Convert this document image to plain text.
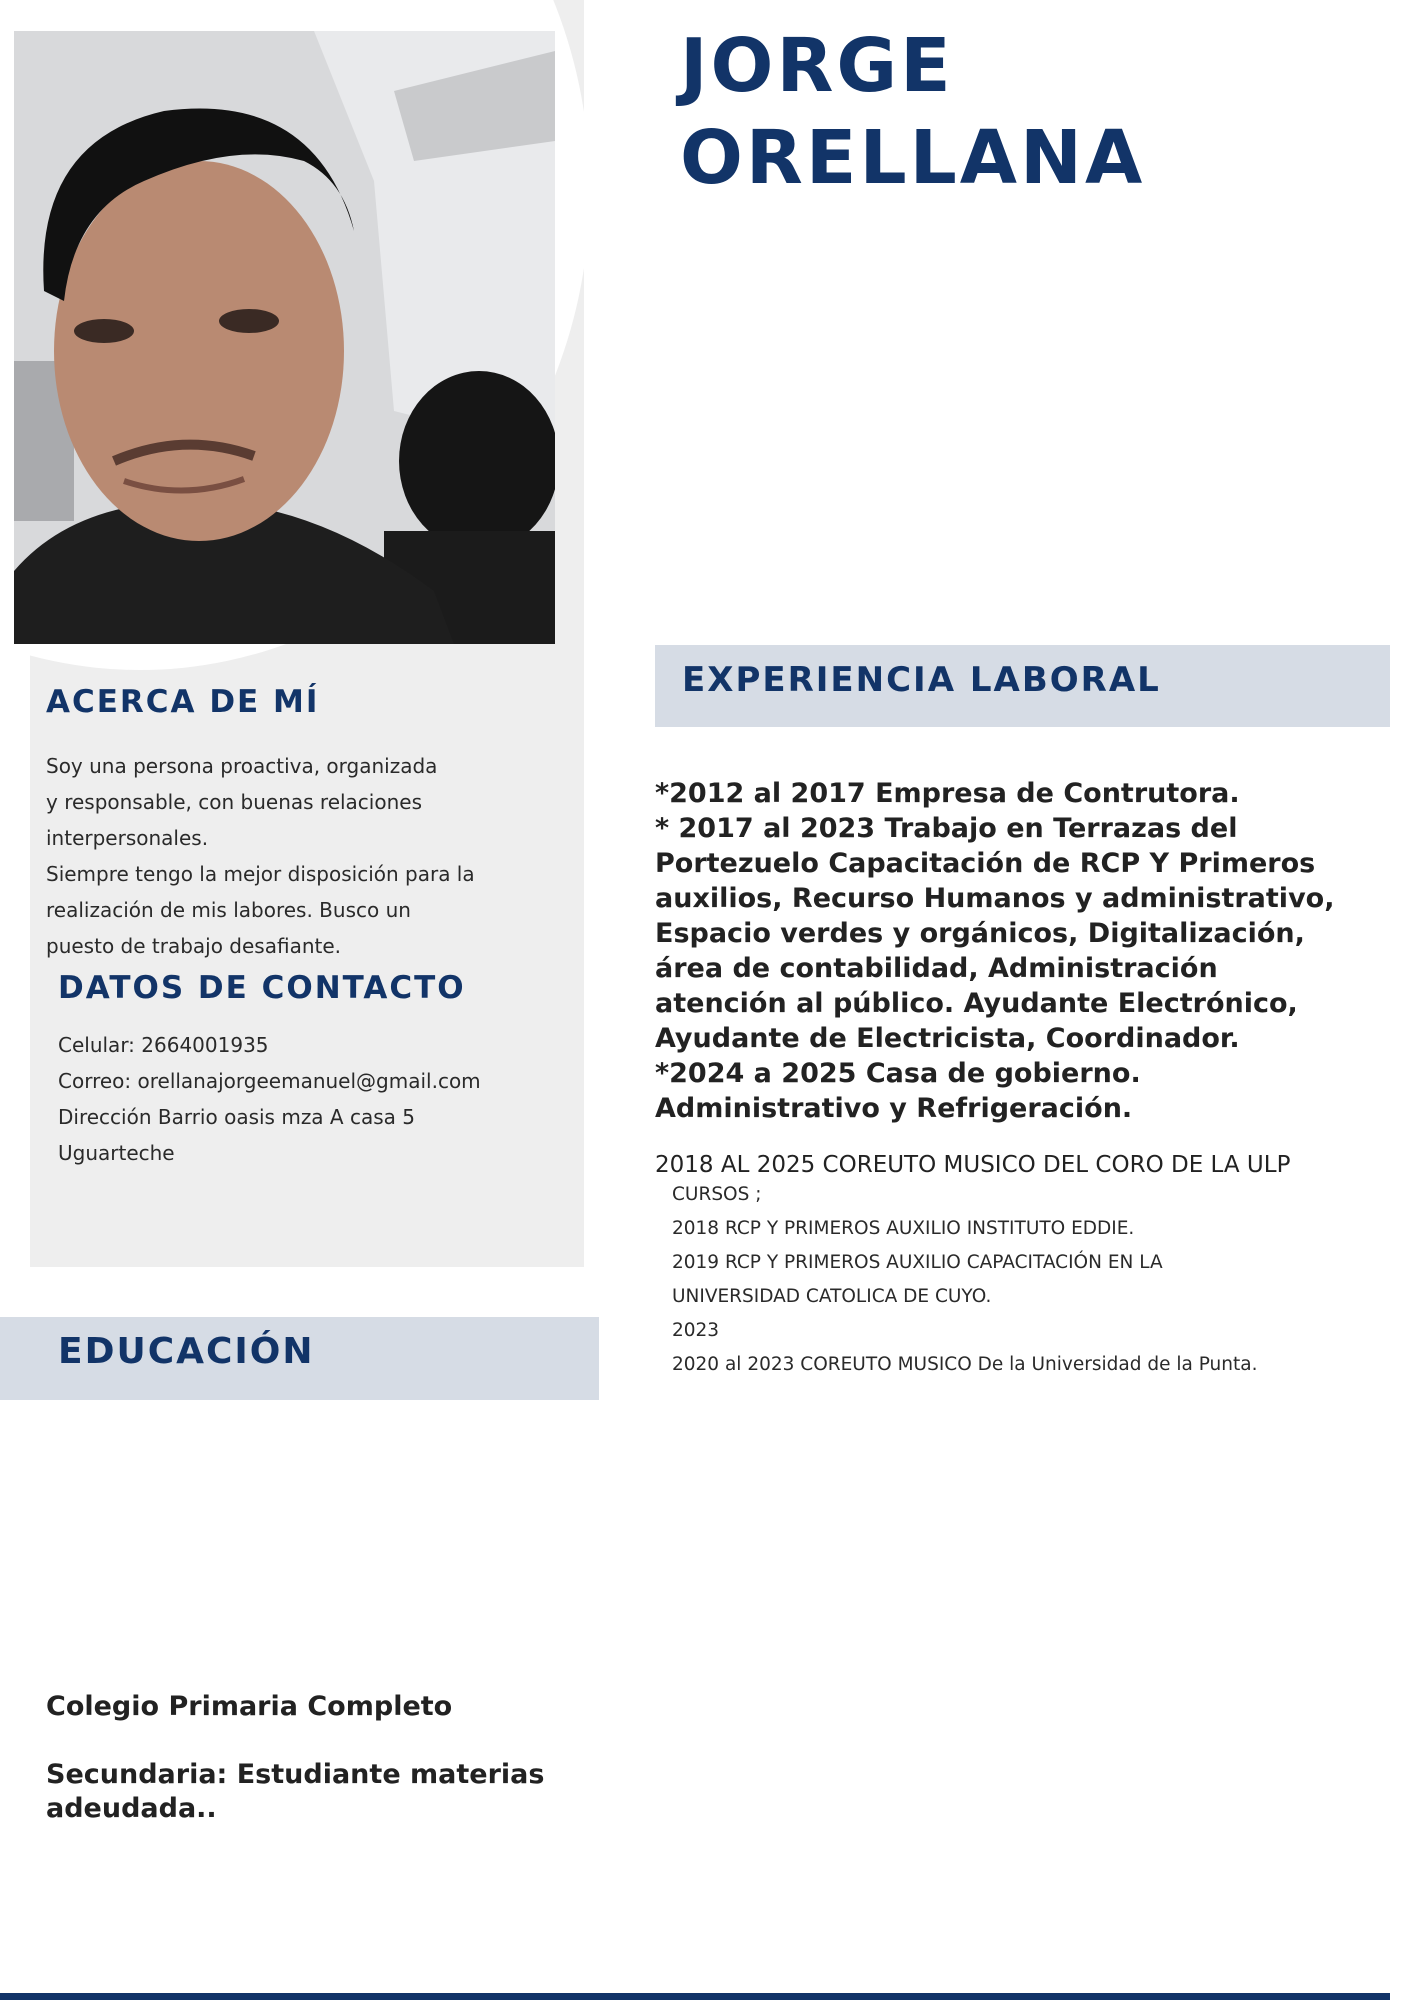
JORGE
ORELLANA
ACERCA DE MÍ

Soy una persona proactiva, organizada
y responsable, con buenas relaciones
interpersonales.
Siempre tengo la mejor disposición para la
realización de mis labores. Busco un
puesto de trabajo desafiante.

DATOS DE CONTACTO
Celular: 2664001935
Correo: orellanajorgeemanuel@gmail.com
Dirección Barrio oasis mza A casa 5
Uguarteche
EDUCACIÓN
EXPERIENCIA LABORAL

*2012 al 2017 Empresa de Contrutora.
* 2017 al 2023 Trabajo en Terrazas del
Portezuelo Capacitación de RCP Y Primeros
auxilios, Recurso Humanos y administrativo,
Espacio verdes y orgánicos, Digitalización,
área de contabilidad, Administración
atención al público. Ayudante Electrónico,
Ayudante de Electricista, Coordinador.
*2024 a 2025 Casa de gobierno.
Administrativo y Refrigeración.

2018 AL 2025 COREUTO MUSICO DEL CORO DE LA ULP

CURSOS ;
2018 RCP Y PRIMEROS AUXILIO INSTITUTO EDDIE.
2019 RCP Y PRIMEROS AUXILIO CAPACITACIÓN EN LA
UNIVERSIDAD CATOLICA DE CUYO.
2023
2020 al 2023 COREUTO MUSICO De la Universidad de la Punta.

Colegio Primaria Completo

Secundaria: Estudiante materias adeudada..
